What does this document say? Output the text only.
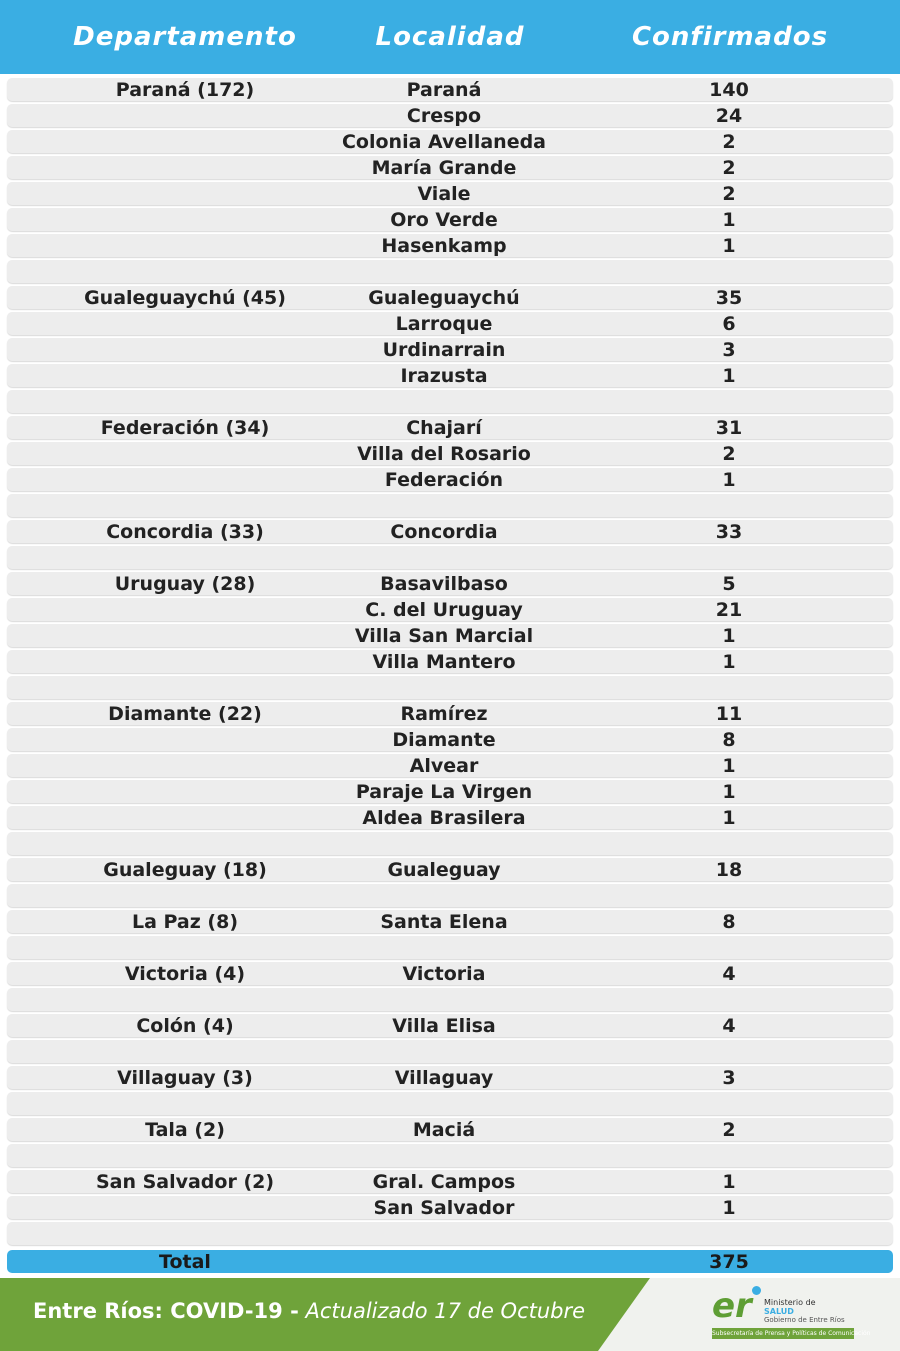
Departamento	Localidad	Confirmados
Paraná (172)	Paraná	140
Crespo	24
Colonia Avellaneda	2
María Grande	2
Viale	2
Oro Verde	1
Hasenkamp	1
Gualeguaychú (45)	Gualeguaychú	35
Larroque	6
Urdinarrain	3
Irazusta	1
Federación (34)	Chajarí	31
Villa del Rosario	2
Federación	1
Concordia (33)	Concordia	33
Uruguay (28)	Basavilbaso	5
C. del Uruguay	21
Villa San Marcial	1
Villa Mantero	1
Diamante (22)	Ramírez	11
Diamante	8
Alvear	1
Paraje La Virgen	1
Aldea Brasilera	1
Gualeguay (18)	Gualeguay	18
La Paz (8)	Santa Elena	8
Victoria (4)	Victoria	4
Colón (4)	Villa Elisa	4
Villaguay (3)	Villaguay	3
Tala (2)	Maciá	2
San Salvador (2)	Gral. Campos	1
San Salvador	1
Total	375
Entre Ríos: COVID-19 - Actualizado 17 de Octubre	er Ministerio de
SALUD
Gobierno de Entre Ríos
Subsecretaría de Prensa y Políticas de Comunicación
